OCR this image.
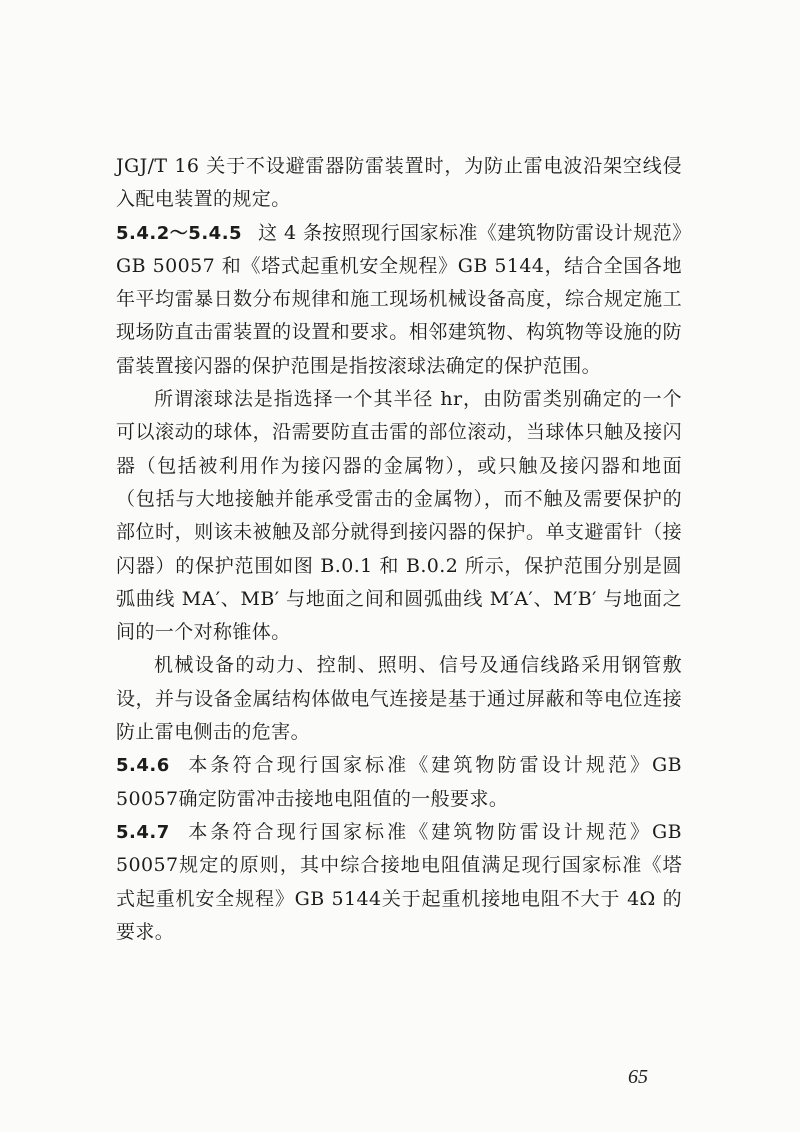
JGJ/T 16 关于不设避雷器防雷装置时，为防止雷电波沿架空线侵入配电装置的规定。

5.4.2～5.4.5 这 4 条按照现行国家标准《建筑物防雷设计规范》GB 50057 和《塔式起重机安全规程》GB 5144，结合全国各地年平均雷暴日数分布规律和施工现场机械设备高度，综合规定施工现场防直击雷装置的设置和要求。相邻建筑物、构筑物等设施的防雷装置接闪器的保护范围是指按滚球法确定的保护范围。

所谓滚球法是指选择一个其半径 hr，由防雷类别确定的一个可以滚动的球体，沿需要防直击雷的部位滚动，当球体只触及接闪器（包括被利用作为接闪器的金属物），或只触及接闪器和地面（包括与大地接触并能承受雷击的金属物），而不触及需要保护的部位时，则该未被触及部分就得到接闪器的保护。单支避雷针（接闪器）的保护范围如图 B.0.1 和 B.0.2 所示，保护范围分别是圆弧曲线 MA′、MB′ 与地面之间和圆弧曲线 M′A′、M′B′ 与地面之间的一个对称锥体。

机械设备的动力、控制、照明、信号及通信线路采用钢管敷设，并与设备金属结构体做电气连接是基于通过屏蔽和等电位连接防止雷电侧击的危害。

5.4.6 本条符合现行国家标准《建筑物防雷设计规范》GB 50057确定防雷冲击接地电阻值的一般要求。

5.4.7 本条符合现行国家标准《建筑物防雷设计规范》GB 50057规定的原则，其中综合接地电阻值满足现行国家标准《塔式起重机安全规程》GB 5144关于起重机接地电阻不大于 4Ω 的要求。

65
